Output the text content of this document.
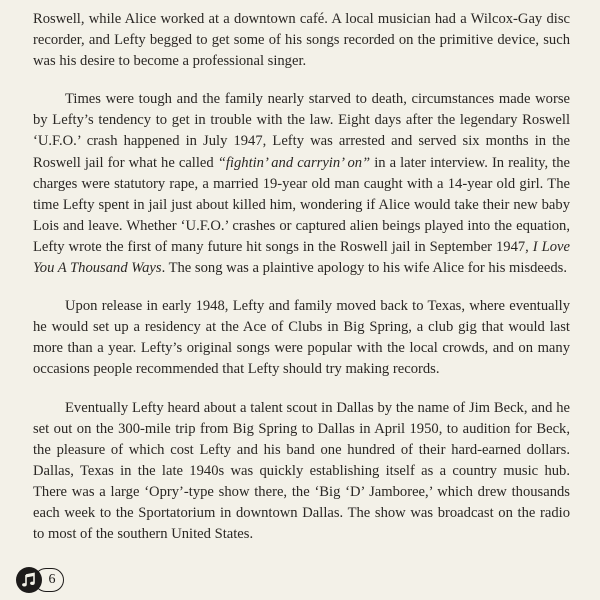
Roswell, while Alice worked at a downtown café. A local musician had a Wilcox-Gay disc recorder, and Lefty begged to get some of his songs recorded on the primitive device, such was his desire to become a professional singer.

Times were tough and the family nearly starved to death, circumstances made worse by Lefty’s tendency to get in trouble with the law. Eight days after the legendary Roswell ‘U.F.O.’ crash happened in July 1947, Lefty was arrested and served six months in the Roswell jail for what he called “fightin’ and carryin’ on” in a later interview. In reality, the charges were statutory rape, a married 19-year old man caught with a 14-year old girl. The time Lefty spent in jail just about killed him, wondering if Alice would take their new baby Lois and leave. Whether ‘U.F.O.’ crashes or captured alien beings played into the equation, Lefty wrote the first of many future hit songs in the Roswell jail in September 1947, I Love You A Thousand Ways. The song was a plaintive apology to his wife Alice for his misdeeds.

Upon release in early 1948, Lefty and family moved back to Texas, where eventually he would set up a residency at the Ace of Clubs in Big Spring, a club gig that would last more than a year. Lefty’s original songs were popular with the local crowds, and on many occasions people recommended that Lefty should try making records.

Eventually Lefty heard about a talent scout in Dallas by the name of Jim Beck, and he set out on the 300-mile trip from Big Spring to Dallas in April 1950, to audition for Beck, the pleasure of which cost Lefty and his band one hundred of their hard-earned dollars. Dallas, Texas in the late 1940s was quickly establishing itself as a country music hub. There was a large ‘Opry’-type show there, the ‘Big ‘D’ Jamboree,’ which drew thousands each week to the Sportatorium in downtown Dallas. The show was broadcast on the radio to most of the southern United States.

6
